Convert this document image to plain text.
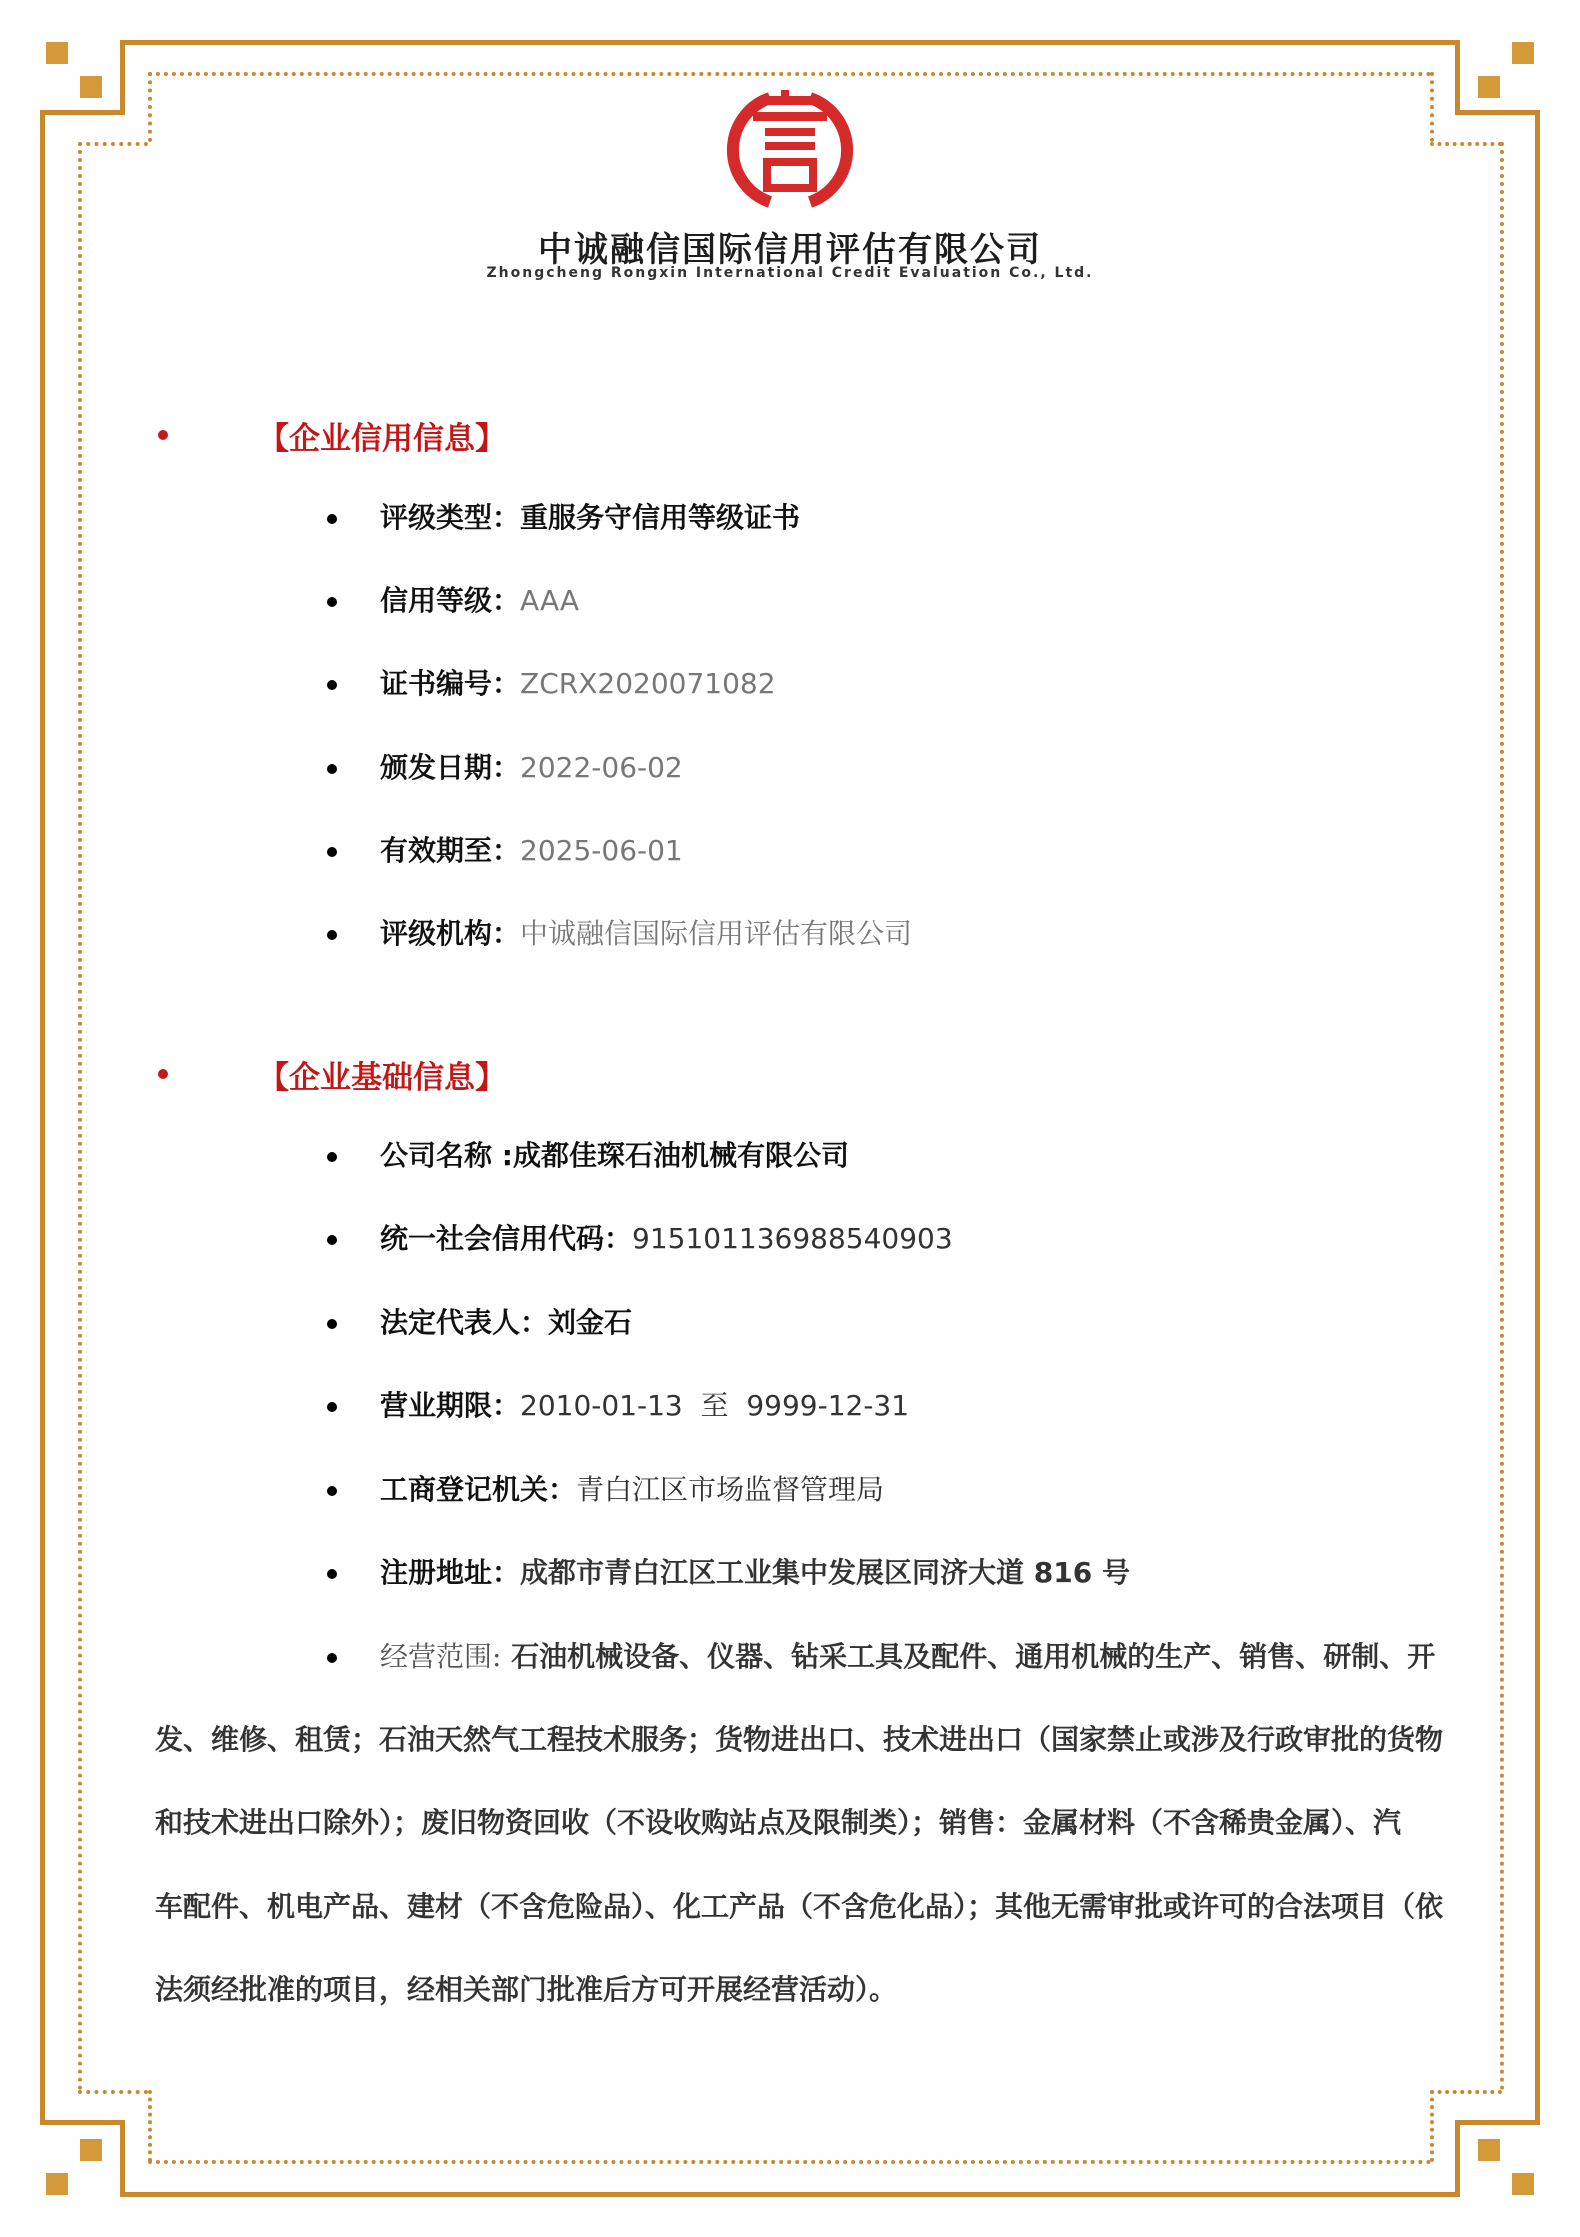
中诚融信国际信用评估有限公司
Zhongcheng Rongxin International Credit Evaluation Co., Ltd.
【企业信用信息】
评级类型：重服务守信用等级证书
信用等级：AAA
证书编号：ZCRX2020071082
颁发日期：2022-06-02
有效期至：2025-06-01
评级机构：中诚融信国际信用评估有限公司
【企业基础信息】
公司名称 :成都佳琛石油机械有限公司
统一社会信用代码：915101136988540903
法定代表人：刘金石
营业期限：2010-01-13  至  9999-12-31
工商登记机关：青白江区市场监督管理局
注册地址：成都市青白江区工业集中发展区同济大道 816 号
经营范围: 石油机械设备、仪器、钻采工具及配件、通用机械的生产、销售、研制、开
发、维修、租赁；石油天然气工程技术服务；货物进出口、技术进出口（国家禁止或涉及行政审批的货物
和技术进出口除外）；废旧物资回收（不设收购站点及限制类）；销售：金属材料（不含稀贵金属）、汽
车配件、机电产品、建材（不含危险品）、化工产品（不含危化品）；其他无需审批或许可的合法项目（依
法须经批准的项目，经相关部门批准后方可开展经营活动）。
